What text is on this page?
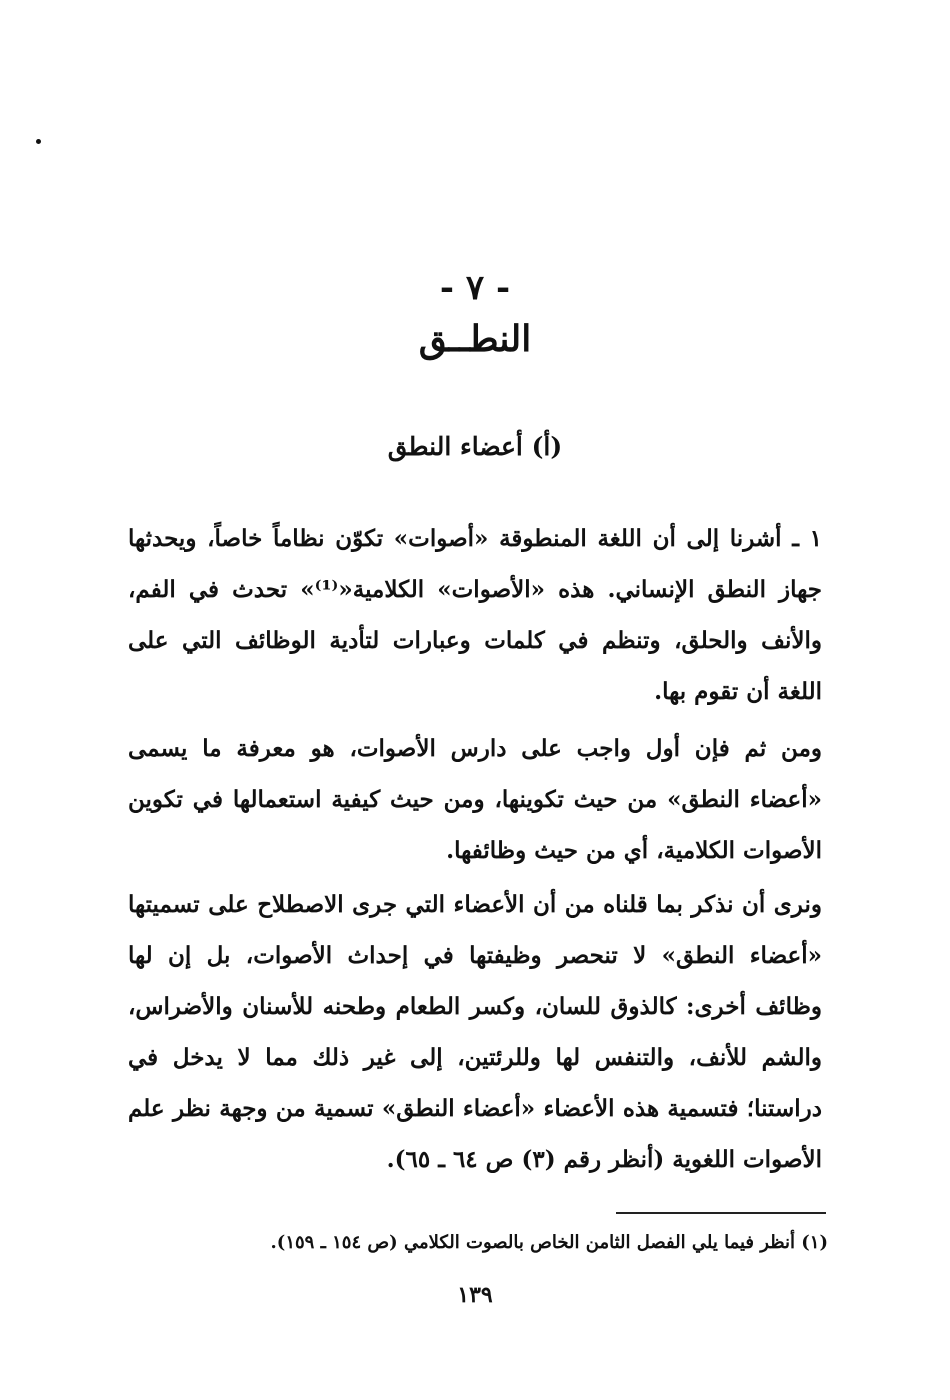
- ٧ -
النطــق
(أ) أعضاء النطق

١ ـ أشرنا إلى أن اللغة المنطوقة «أصوات» تكوّن نظاماً خاصاً، ويحدثها جهاز النطق الإنساني. هذه «الأصوات» الكلامية«⁽¹⁾» تحدث في الفم، والأنف والحلق، وتنظم في كلمات وعبارات لتأدية الوظائف التي على اللغة أن تقوم بها.

ومن ثم فإن أول واجب على دارس الأصوات، هو معرفة ما يسمى «أعضاء النطق» من حيث تكوينها، ومن حيث كيفية استعمالها في تكوين الأصوات الكلامية، أي من حيث وظائفها.

ونرى أن نذكر بما قلناه من أن الأعضاء التي جرى الاصطلاح على تسميتها «أعضاء النطق» لا تنحصر وظيفتها في إحداث الأصوات، بل إن لها وظائف أخرى: كالذوق للسان، وكسر الطعام وطحنه للأسنان والأضراس، والشم للأنف، والتنفس لها وللرئتين، إلى غير ذلك مما لا يدخل في دراستنا؛ فتسمية هذه الأعضاء «أعضاء النطق» تسمية من وجهة نظر علم الأصوات اللغوية (أنظر رقم (٣) ص ٦٤ ـ ٦٥).

(١) أنظر فيما يلي الفصل الثامن الخاص بالصوت الكلامي (ص ١٥٤ ـ ١٥٩).
١٣٩
